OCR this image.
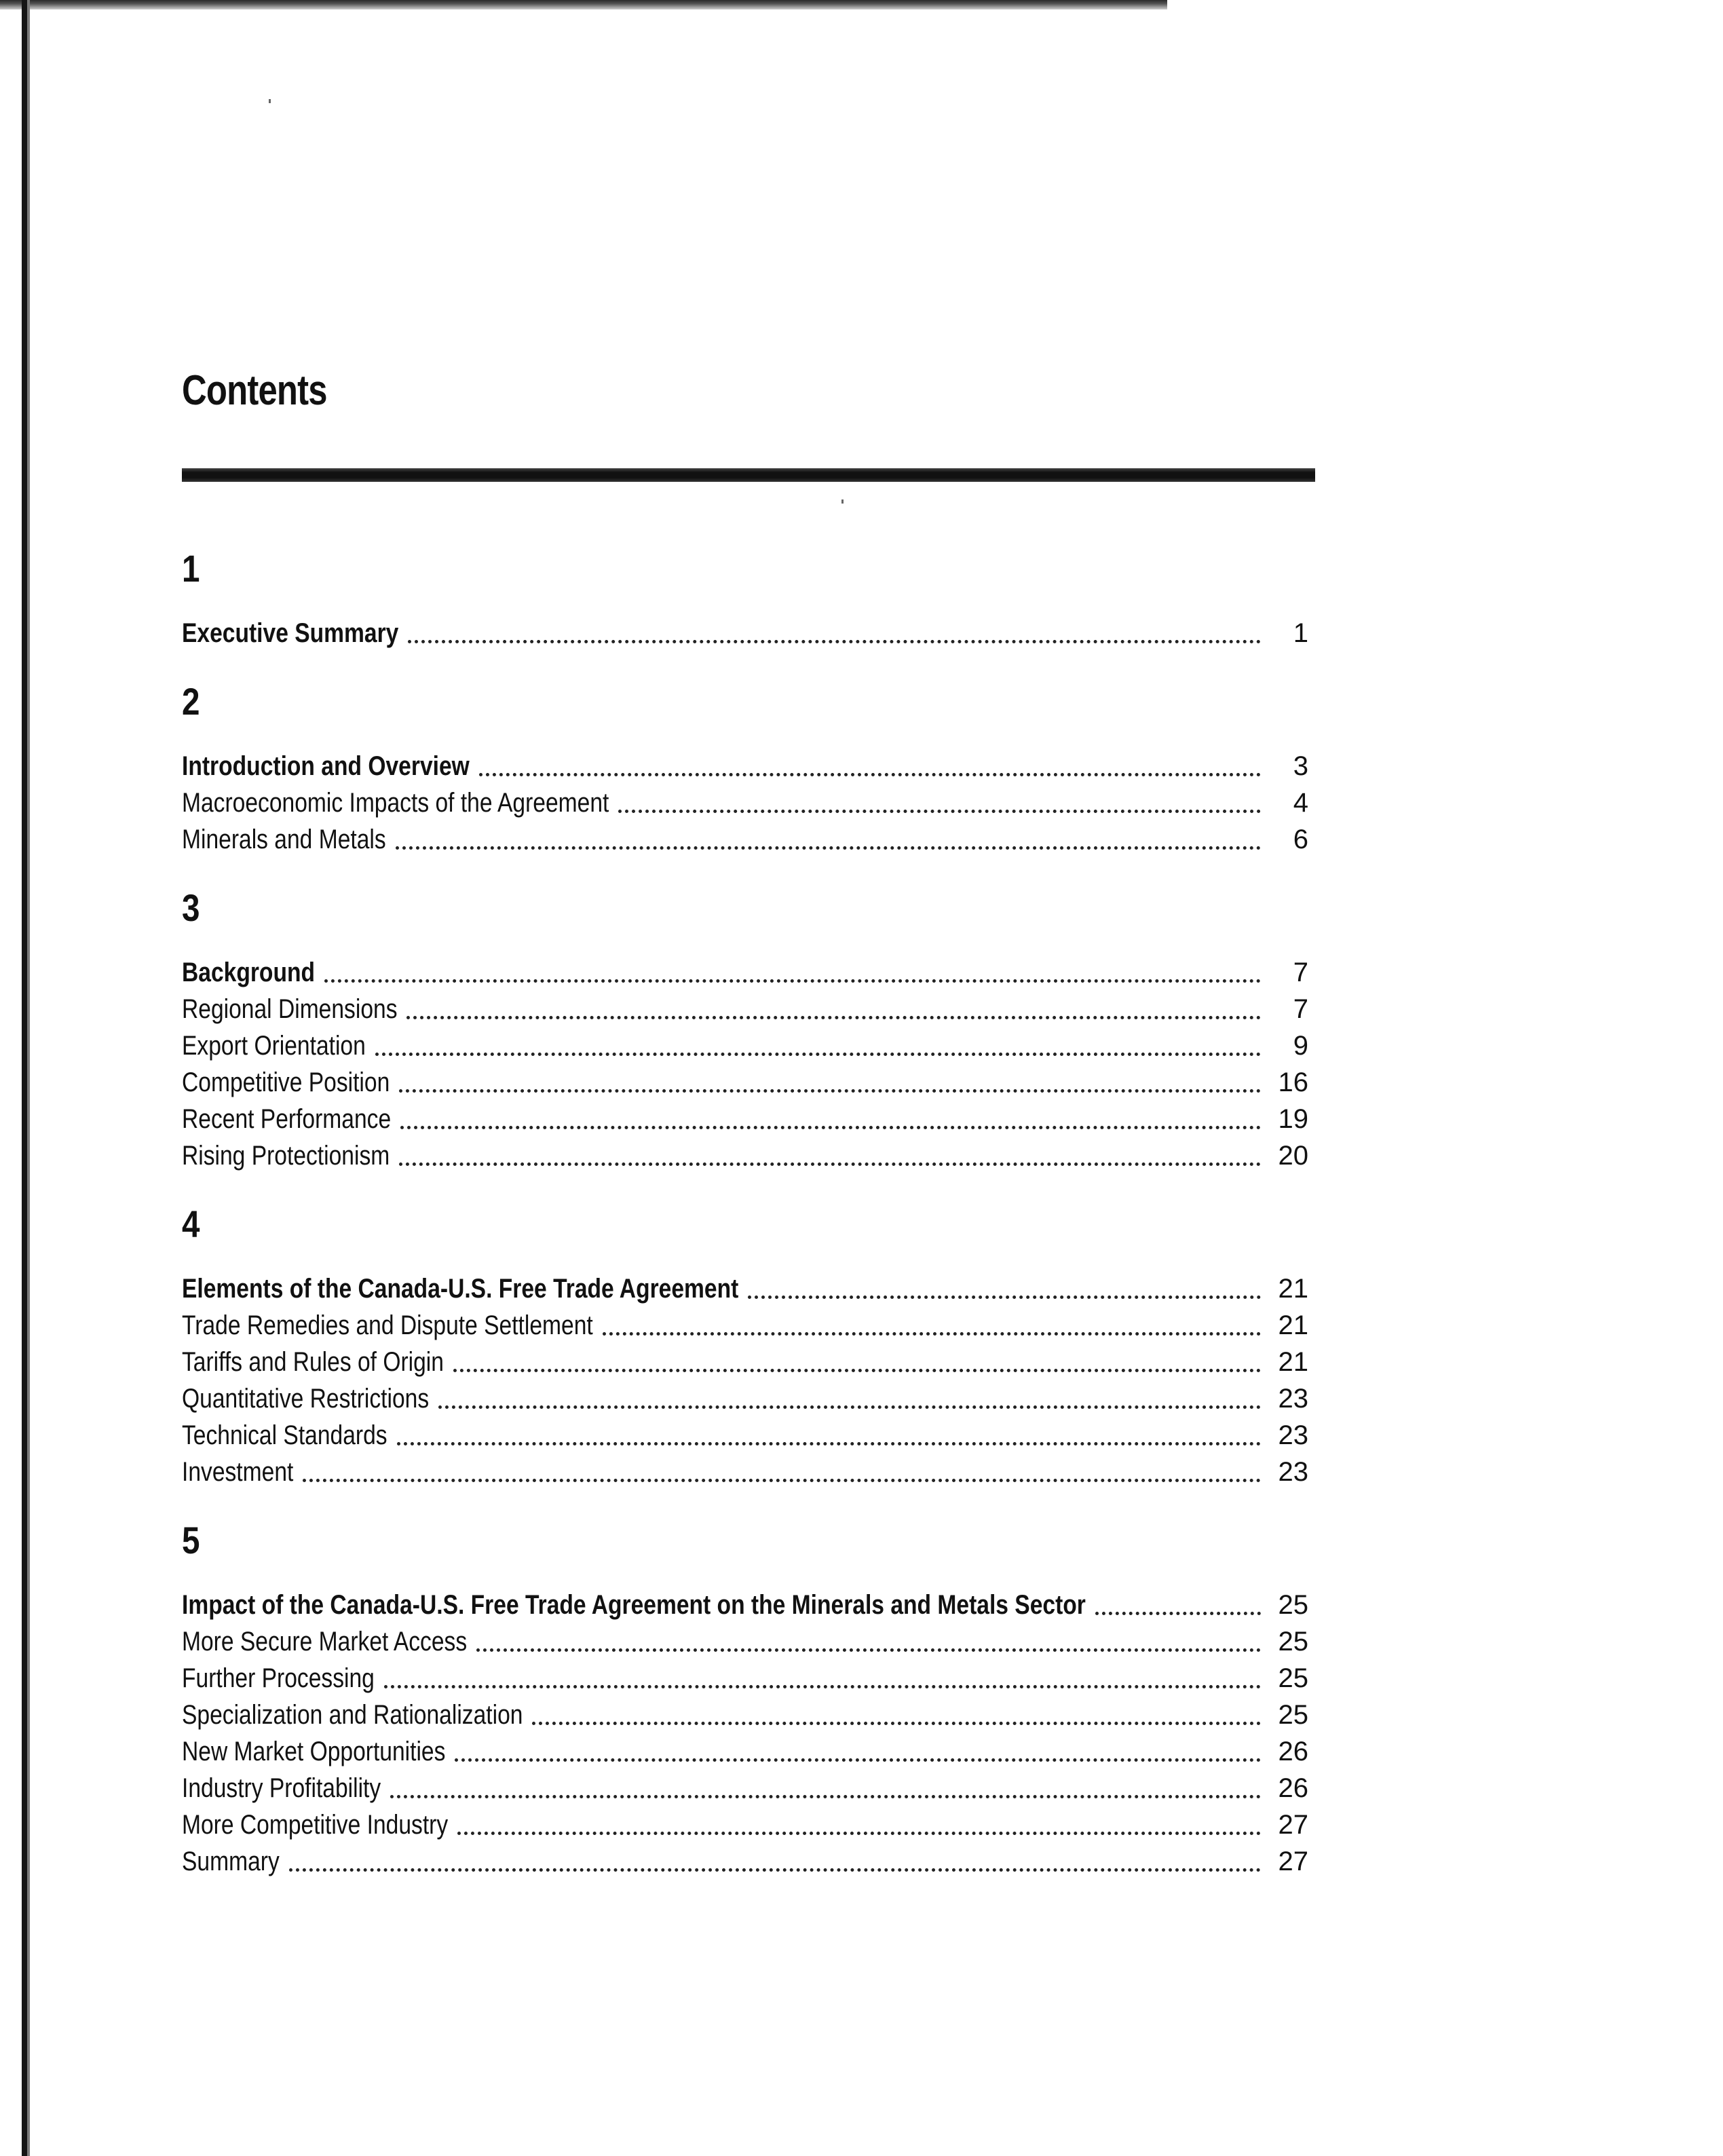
Contents
1
Executive Summary	1
2
Introduction and Overview	3
Macroeconomic Impacts of the Agreement	4
Minerals and Metals	6
3
Background	7
Regional Dimensions	7
Export Orientation	9
Competitive Position	16
Recent Performance	19
Rising Protectionism	20
4
Elements of the Canada-U.S. Free Trade Agreement	21
Trade Remedies and Dispute Settlement	21
Tariffs and Rules of Origin	21
Quantitative Restrictions	23
Technical Standards	23
Investment	23
5
Impact of the Canada-U.S. Free Trade Agreement on the Minerals and Metals Sector	25
More Secure Market Access	25
Further Processing	25
Specialization and Rationalization	25
New Market Opportunities	26
Industry Profitability	26
More Competitive Industry	27
Summary	27
